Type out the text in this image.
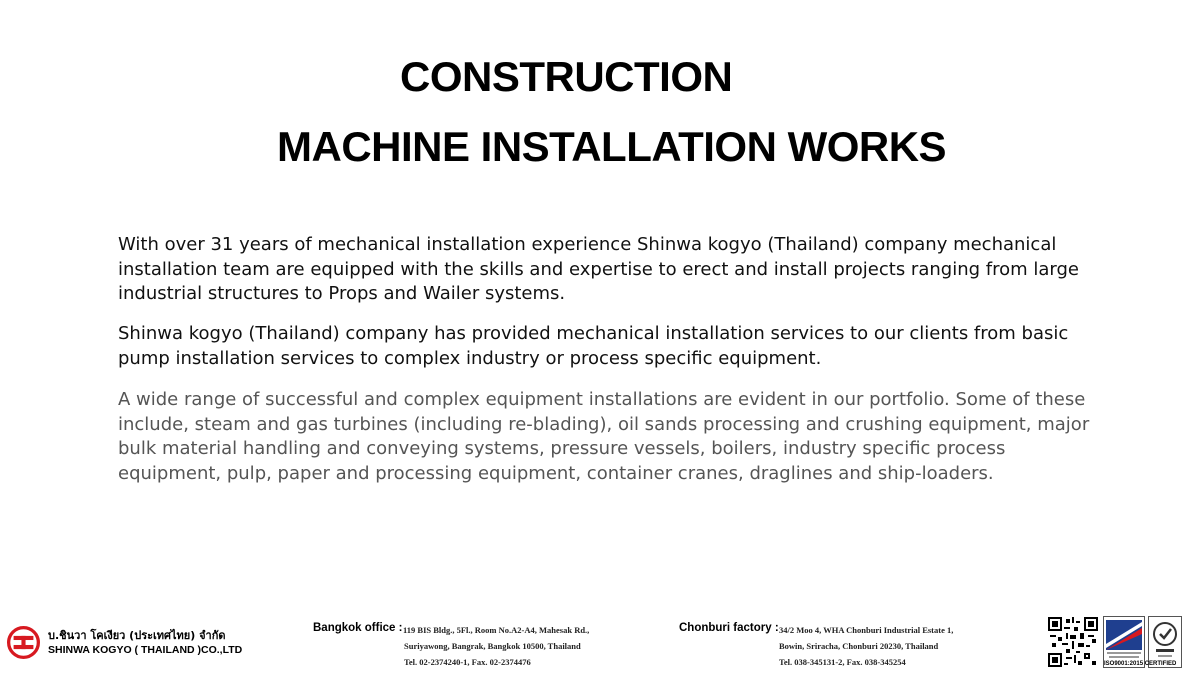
CONSTRUCTION
MACHINE INSTALLATION WORKS

With over 31 years of mechanical installation experience Shinwa kogyo (Thailand) company mechanical installation team are equipped with the skills and expertise to erect and install projects ranging from large industrial structures to Props and Wailer systems.

Shinwa kogyo (Thailand) company has provided mechanical installation services to our clients from basic pump installation services to complex industry or process specific equipment.

A wide range of successful and complex equipment installations are evident in our portfolio. Some of these include, steam and gas turbines (including re-blading), oil sands processing and crushing equipment, major bulk material handling and conveying systems, pressure vessels, boilers, industry specific process equipment, pulp, paper and processing equipment, container cranes, draglines and ship-loaders.

บ.ชินวา โคเงียว (ประเทศไทย) จำกัด
SHINWA KOGYO ( THAILAND )CO.,LTD
Bangkok office : 119 BIS Bldg., 5Fl., Room No.A2-A4, Mahesak Rd.,
Suriyawong, Bangrak, Bangkok 10500, Thailand
Tel. 02-2374240-1, Fax. 02-2374476
Chonburi factory : 34/2 Moo 4, WHA Chonburi Industrial Estate 1,
Bowin, Sriracha, Chonburi 20230, Thailand
Tel. 038-345131-2, Fax. 038-345254	ISO9001:2015 CERTIFIED
